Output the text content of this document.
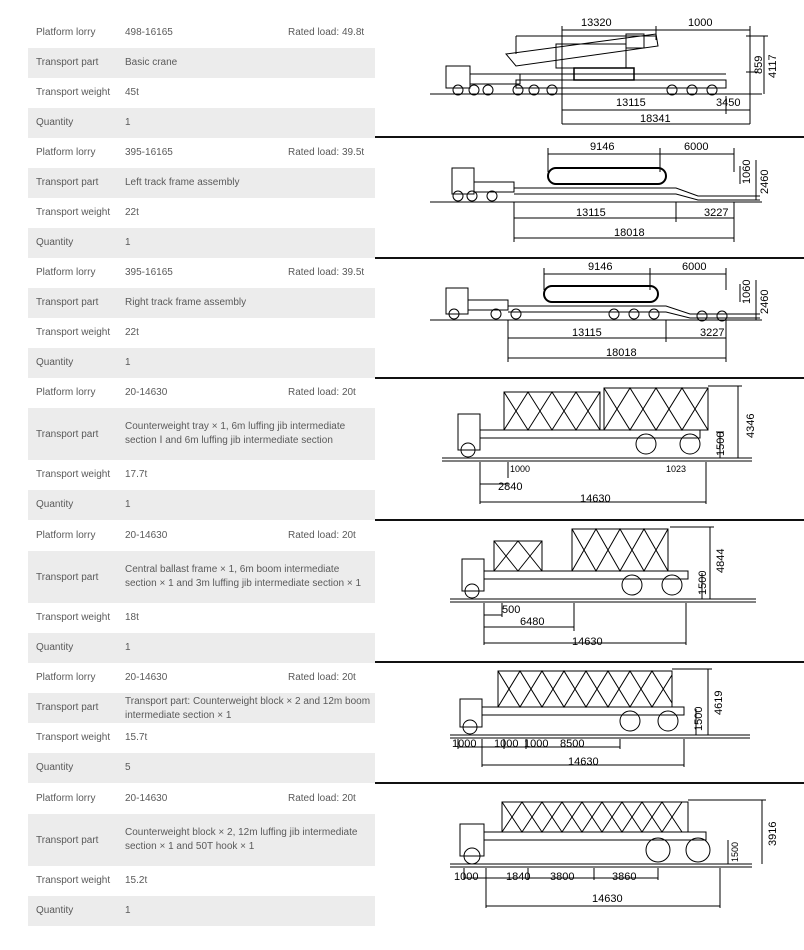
Platform lorry	498-16165	Rated load: 49.8t
Transport part	Basic crane
Transport weight 45t
Quantity	1
13320	1000
859 4117
13115	3450
18341
Platform lorry	395-16165	Rated load: 39.5t
Transport part	Left track frame assembly
Transport weight 22t
Quantity	1
9146	6000
1060 2460
13115	3227
18018
Platform lorry	395-16165	Rated load: 39.5t
Transport part	Right track frame assembly
Transport weight 22t
Quantity	1
9146	6000
1060 2460
13115	3227
18018
Platform lorry	20-14630	Rated load: 20t
Transport part
Counterweight tray × 1, 6m luffing jib intermediate section Ⅰ and 6m luffing jib intermediate section
Transport weight 17.7t
Quantity	1
1000	1023
2840
14630
1500
4346
Platform lorry	20-14630	Rated load: 20t
Transport part
Central ballast frame × 1, 6m boom intermediate section × 1 and 3m luffing jib intermediate section × 1
Transport weight 18t
Quantity	1
500
6480
14630
1500
4844
Platform lorry	20-14630	Rated load: 20t
Transport part
Transport part: Counterweight block × 2 and 12m boom intermediate section × 1
Transport weight 15.7t
Quantity	5
1000 1000 1000 8500
14630
1500
4619
Platform lorry	20-14630	Rated load: 20t
Transport part
Counterweight block × 2, 12m luffing jib intermediate section × 1 and 50T hook × 1
Transport weight 15.2t
Quantity	1
1000	1840 3800	3860
14630
1500
3916
